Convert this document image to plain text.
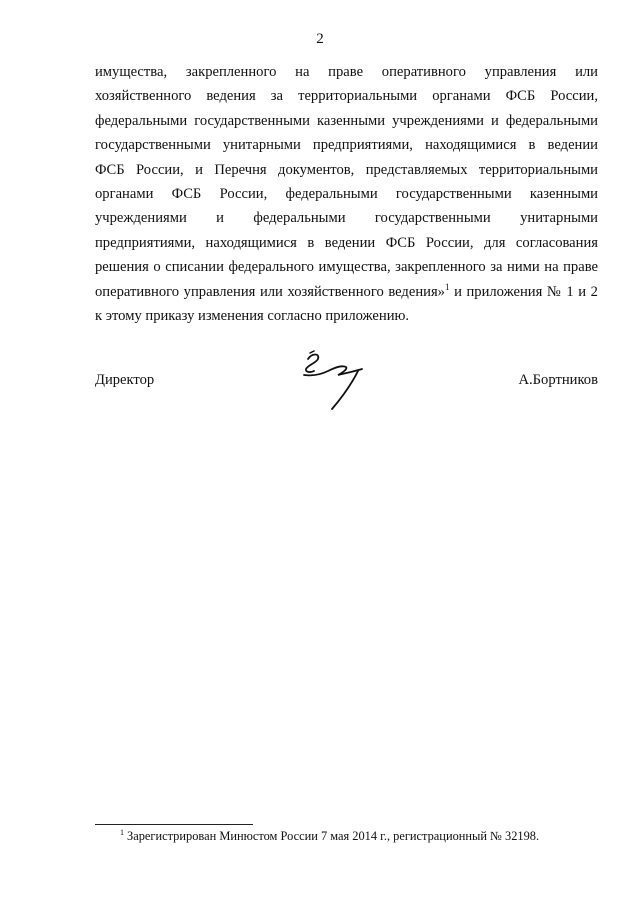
2

имущества, закрепленного на праве оперативного управления или
хозяйственного ведения за территориальными органами ФСБ России,
федеральными государственными казенными учреждениями и федеральными
государственными унитарными предприятиями, находящимися в ведении
ФСБ России, и Перечня документов, представляемых территориальными
органами ФСБ России, федеральными государственными казенными
учреждениями и федеральными государственными унитарными
предприятиями, находящимися в ведении ФСБ России, для согласования
решения о списании федерального имущества, закрепленного за ними на праве
оперативного управления или хозяйственного ведения»$^1$ и приложения № 1 и 2
к этому приказу изменения согласно приложению.

Директор	А.Бортников
$^1$ Зарегистрирован Минюстом России 7 мая 2014 г., регистрационный № 32198.
